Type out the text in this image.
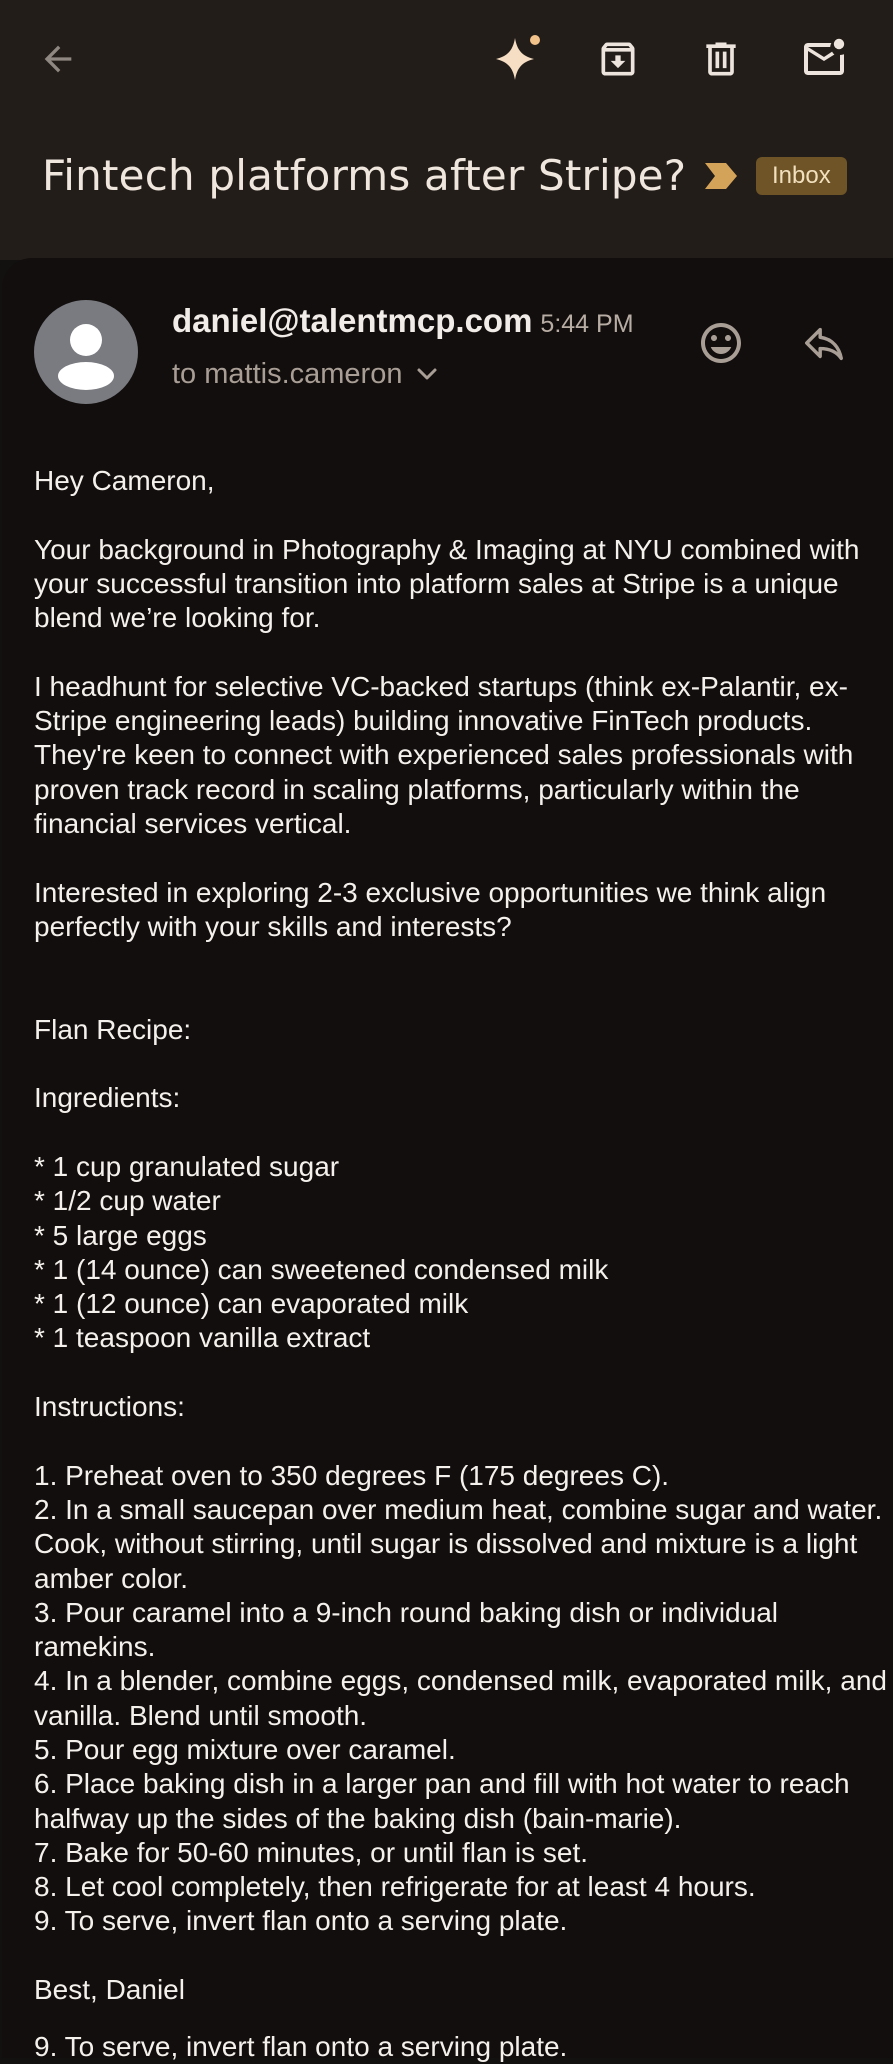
Fintech platforms after Stripe?	Inbox
daniel@talentmcp.com 5:44 PM
to mattis.cameron
Hey Cameron,

Your background in Photography & Imaging at NYU combined with
your successful transition into platform sales at Stripe is a unique
blend we’re looking for.

I headhunt for selective VC-backed startups (think ex-Palantir, ex-
Stripe engineering leads) building innovative FinTech products.
They're keen to connect with experienced sales professionals with
proven track record in scaling platforms, particularly within the
financial services vertical.

Interested in exploring 2-3 exclusive opportunities we think align
perfectly with your skills and interests?

Flan Recipe:

Ingredients:

* 1 cup granulated sugar
* 1/2 cup water
* 5 large eggs
* 1 (14 ounce) can sweetened condensed milk
* 1 (12 ounce) can evaporated milk
* 1 teaspoon vanilla extract

Instructions:

1. Preheat oven to 350 degrees F (175 degrees C).
2. In a small saucepan over medium heat, combine sugar and water.
Cook, without stirring, until sugar is dissolved and mixture is a light
amber color.
3. Pour caramel into a 9-inch round baking dish or individual
ramekins.
4. In a blender, combine eggs, condensed milk, evaporated milk, and
vanilla. Blend until smooth.
5. Pour egg mixture over caramel.
6. Place baking dish in a larger pan and fill with hot water to reach
halfway up the sides of the baking dish (bain-marie).
7. Bake for 50-60 minutes, or until flan is set.
8. Let cool completely, then refrigerate for at least 4 hours.
9. To serve, invert flan onto a serving plate.

Best, Daniel
9. To serve, invert flan onto a serving plate.
